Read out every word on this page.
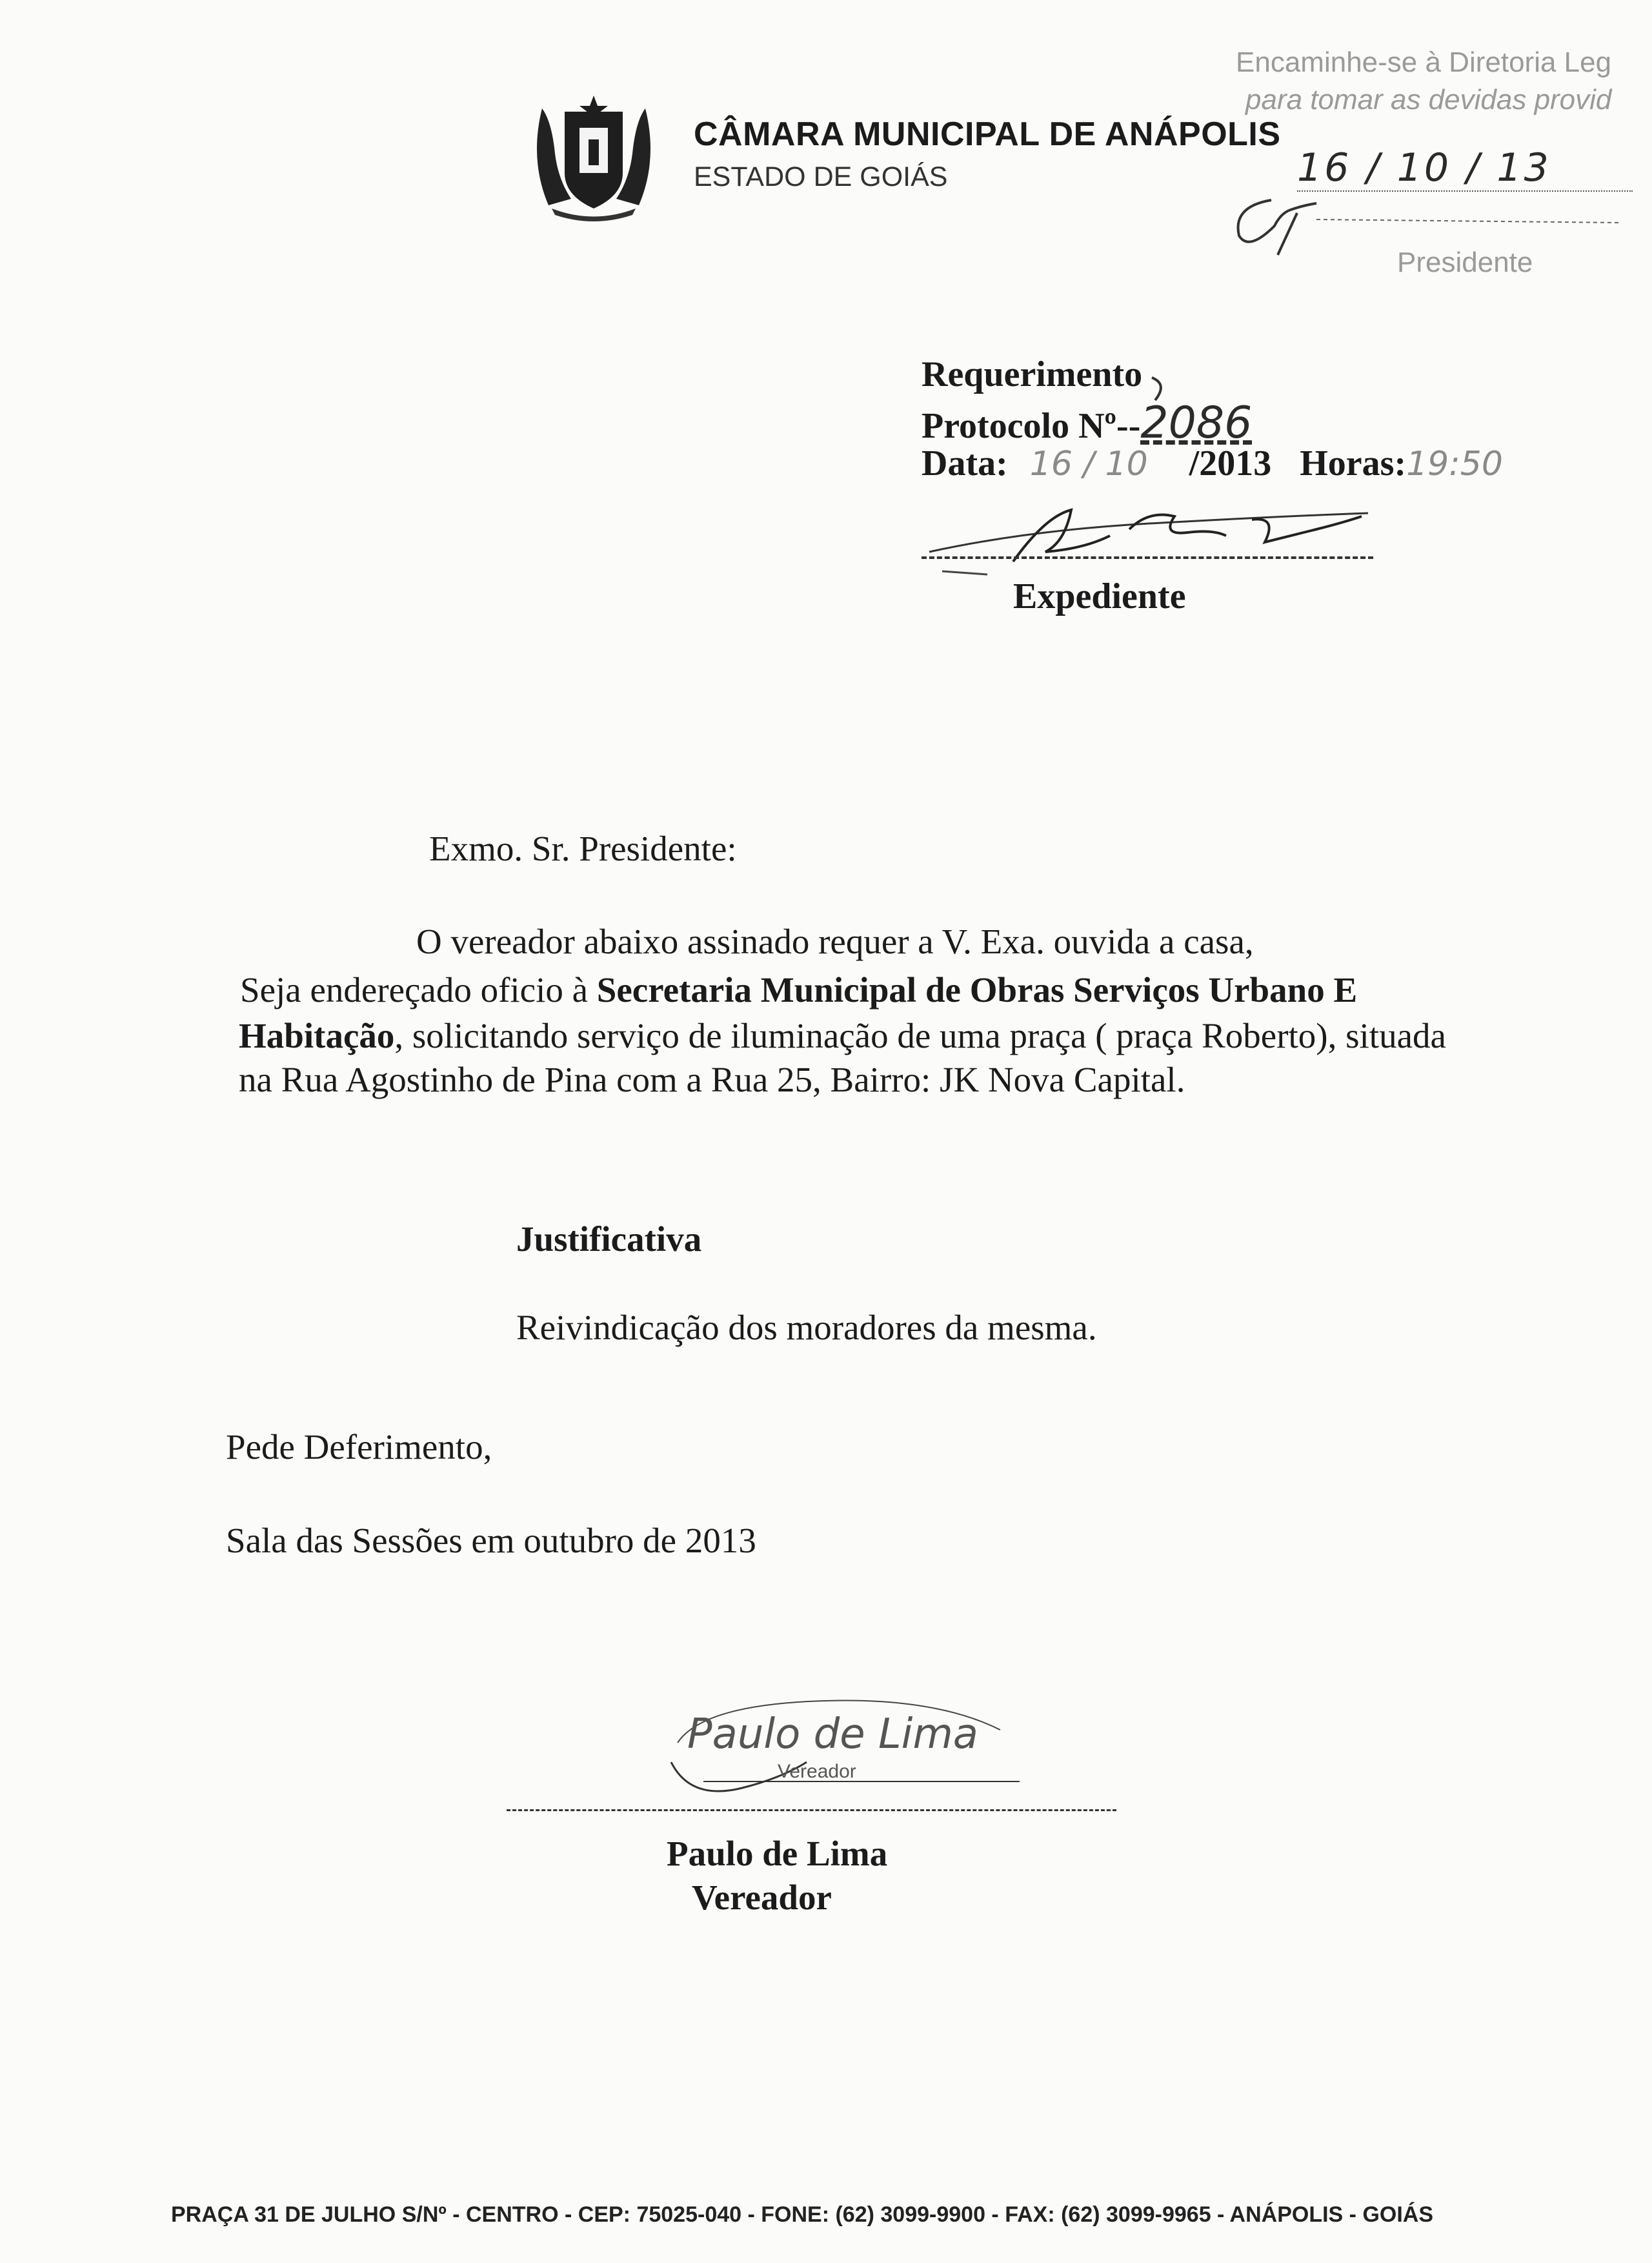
CÂMARA MUNICIPAL DE ANÁPOLIS
ESTADO DE GOIÁS
Encaminhe-se à Diretoria Leg
para tomar as devidas provid
16 / 10 / 13
Presidente
Requerimento
Protocolo Nº--2086
Data: 16 / 10 /2013 Horas:19:50
Expediente
Exmo. Sr. Presidente:
O vereador abaixo assinado requer a V. Exa. ouvida a casa,
Seja endereçado oficio à Secretaria Municipal de Obras Serviços Urbano E
Habitação, solicitando serviço de iluminação de uma praça ( praça Roberto), situada
na Rua Agostinho de Pina com a Rua 25, Bairro: JK Nova Capital.
Justificativa
Reivindicação dos moradores da mesma.
Pede Deferimento,
Sala das Sessões em outubro de 2013
Paulo de Lima
Vereador
Paulo de Lima
Vereador
PRAÇA 31 DE JULHO S/Nº - CENTRO - CEP: 75025-040 - FONE: (62) 3099-9900 - FAX: (62) 3099-9965 - ANÁPOLIS - GOIÁS
